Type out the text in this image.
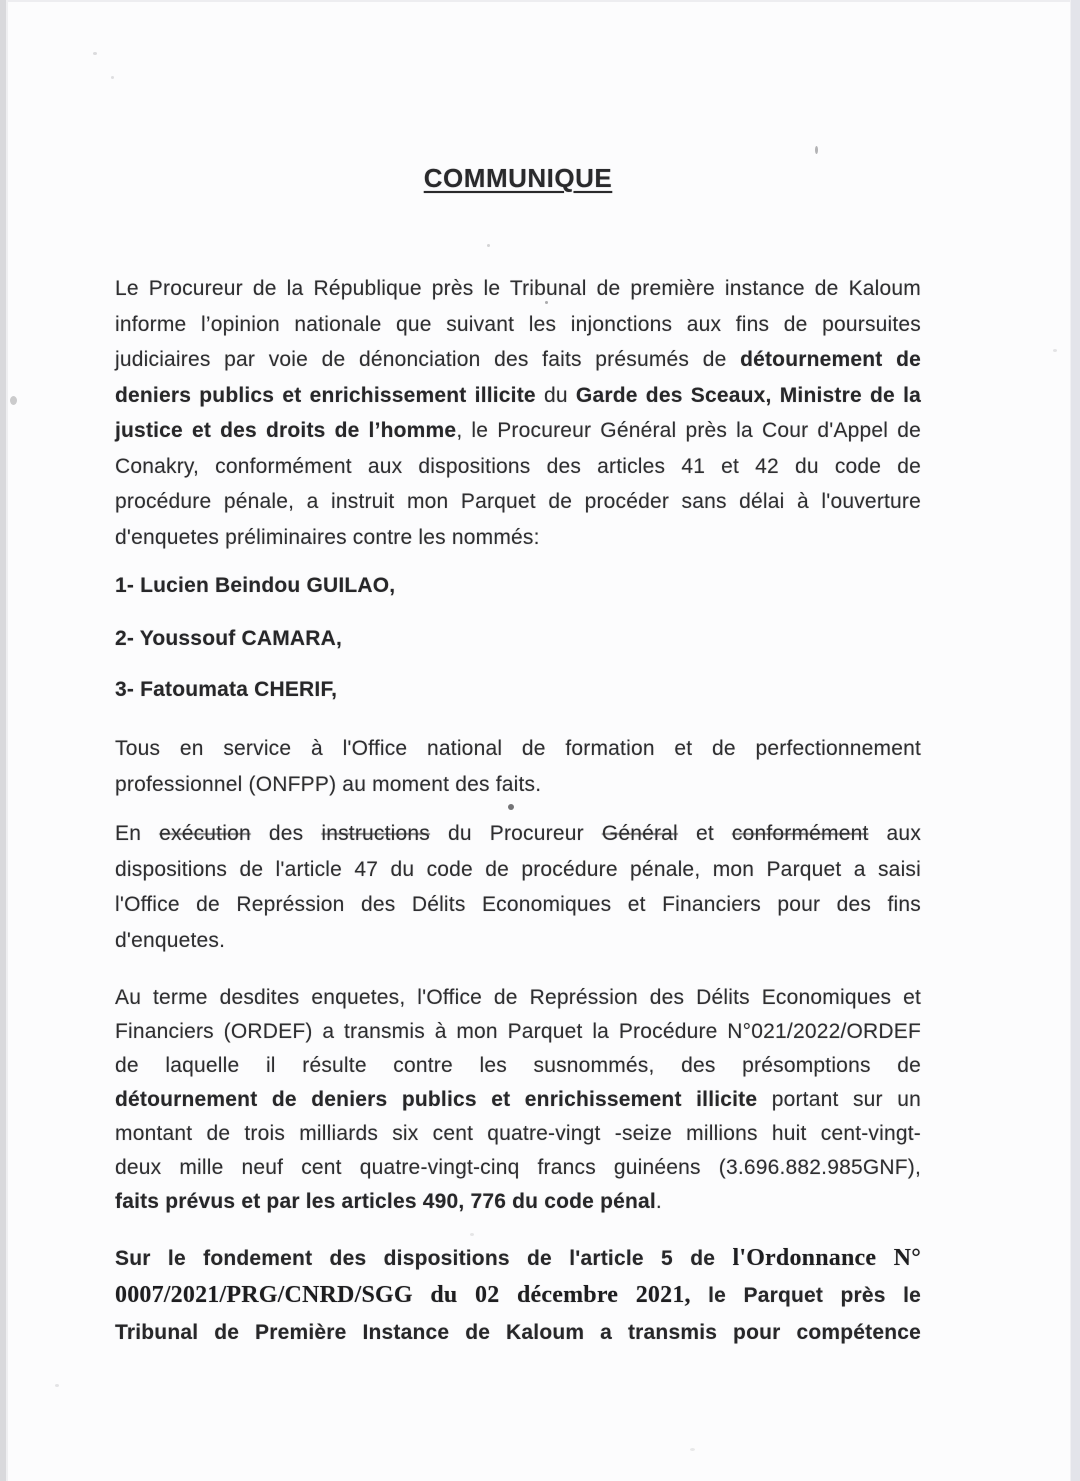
COMMUNIQUE
Le Procureur de la République près le Tribunal de première instance de Kaloum
informe l’opinion nationale que suivant les injonctions aux fins de poursuites
judiciaires par voie de dénonciation des faits présumés de détournement de
deniers publics et enrichissement illicite du Garde des Sceaux, Ministre de la
justice et des droits de l’homme, le Procureur Général près la Cour d'Appel de
Conakry, conformément aux dispositions des articles 41 et 42 du code de
procédure pénale, a instruit mon Parquet de procéder sans délai à l'ouverture
d'enquetes préliminaires contre les nommés:
1- Lucien Beindou GUILAO,
2- Youssouf CAMARA,
3- Fatoumata CHERIF,
Tous en service à l'Office national de formation et de perfectionnement
professionnel (ONFPP) au moment des faits.
En exécution des instructions du Procureur Général et conformément aux
dispositions de l'article 47 du code de procédure pénale, mon Parquet a saisi
l'Office de Représsion des Délits Economiques et Financiers pour des fins
d'enquetes.
Au terme desdites enquetes, l'Office de Représsion des Délits Economiques et
Financiers (ORDEF) a transmis à mon Parquet la Procédure N°021/2022/ORDEF
de laquelle il résulte contre les susnommés, des présomptions de
détournement de deniers publics et enrichissement illicite portant sur un
montant de trois milliards six cent quatre-vingt -seize millions huit cent-vingt-
deux mille neuf cent quatre-vingt-cinq francs guinéens (3.696.882.985GNF),
faits prévus et par les articles 490, 776 du code pénal.
Sur le fondement des dispositions de l'article 5 de l'Ordonnance N°
0007/2021/PRG/CNRD/SGG du 02 décembre 2021, le Parquet près le
Tribunal de Première Instance de Kaloum a transmis pour compétence
